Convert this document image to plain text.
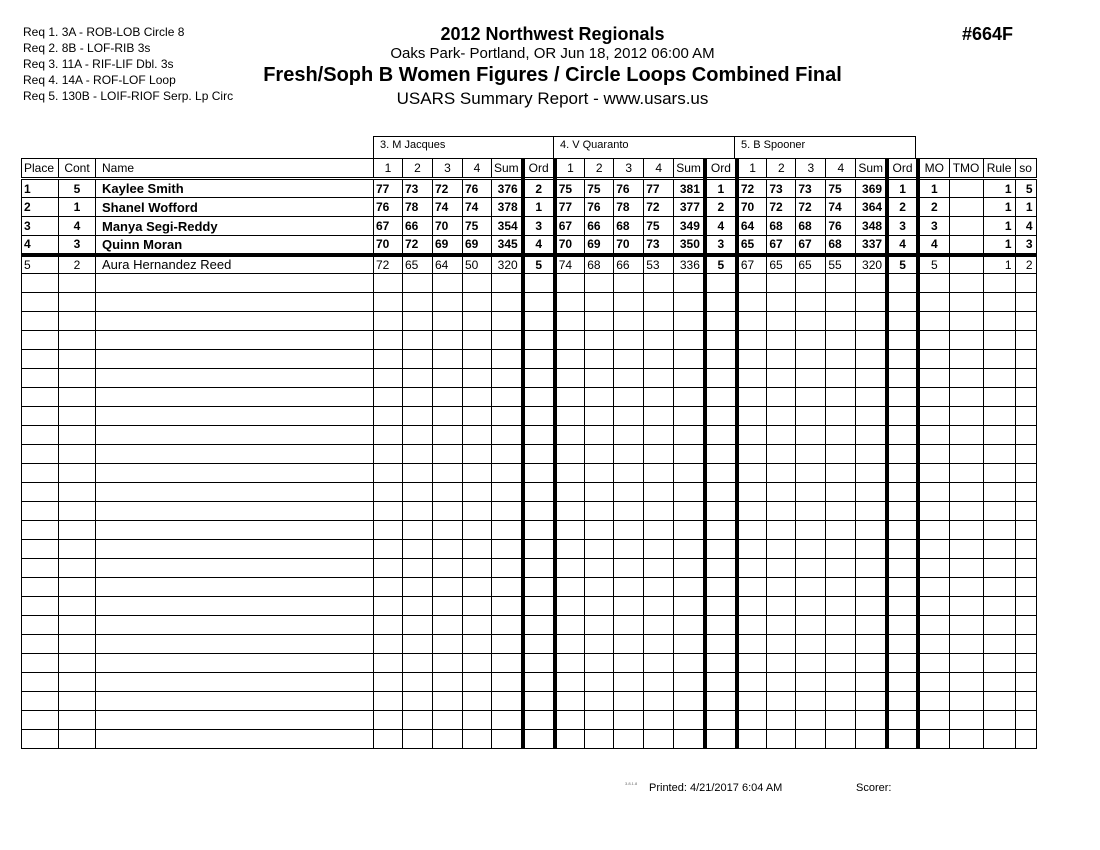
Req 1. 3A - ROB-LOB Circle 8
Req 2. 8B - LOF-RIB 3s
Req 3. 11A - RIF-LIF Dbl. 3s
Req 4. 14A - ROF-LOF Loop
Req 5. 130B - LOIF-RIOF Serp. Lp Circ
2012 Northwest Regionals
Oaks Park- Portland, OR Jun 18, 2012 06:00 AM
Fresh/Soph B Women Figures / Circle Loops Combined Final
USARS Summary Report - www.usars.us
#664F
3. M Jacques	4. V Quaranto	5. B Spooner
Place	Cont	Name	1	2	3	4	Sum	Ord	1	2	3	4	Sum	Ord	1	2	3	4	Sum	Ord	MO	TMO	Rule	so
1	5	Kaylee Smith	77	73	72	76	376	2	75	75	76	77	381	1	72	73	73	75	369	1	1		1	5
2	1	Shanel Wofford	76	78	74	74	378	1	77	76	78	72	377	2	70	72	72	74	364	2	2		1	1
3	4	Manya Segi-Reddy	67	66	70	75	354	3	67	66	68	75	349	4	64	68	68	76	348	3	3		1	4
4	3	Quinn Moran	70	72	69	69	345	4	70	69	70	73	350	3	65	67	67	68	337	4	4		1	3
5	2	Aura Hernandez Reed	72	65	64	50	320	5	74	68	66	53	336	5	67	65	65	55	320	5	5		1	2

3.8.1.8 Printed: 4/21/2017 6:04 AM	Scorer:
